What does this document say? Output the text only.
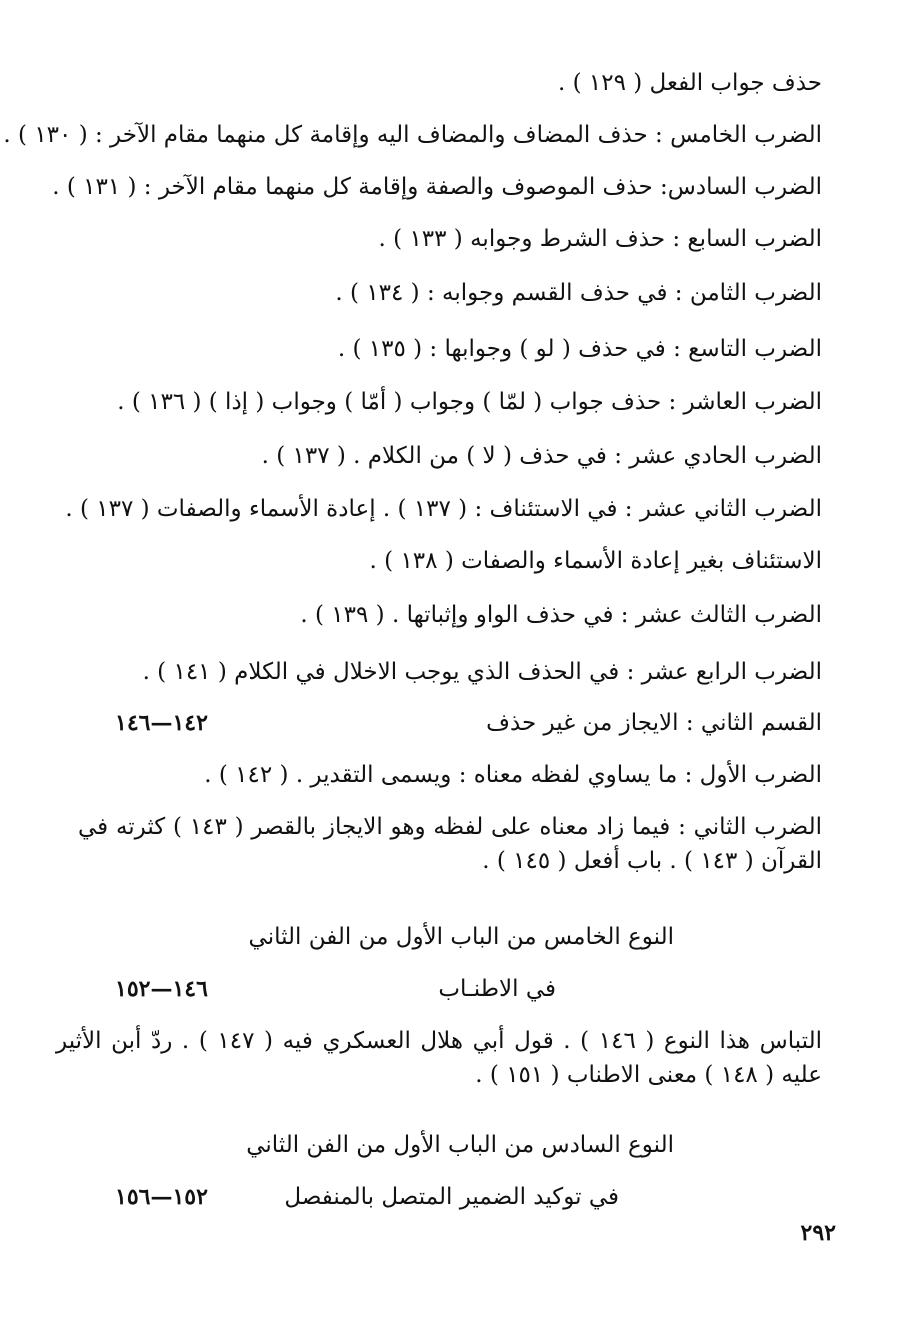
حذف جواب الفعل ( ١٢٩ ) .
الضرب الخامس : حذف المضاف والمضاف اليه وإقامة كل منهما مقام الآخر : ( ١٣٠ ) .
الضرب السادس: حذف الموصوف والصفة وإقامة كل منهما مقام الآخر : ( ١٣١ ) .
الضرب السابع : حذف الشرط وجوابه ( ١٣٣ ) .
الضرب الثامن : في حذف القسم وجوابه : ( ١٣٤ ) .
الضرب التاسع : في حذف ( لو ) وجوابها : ( ١٣٥ ) .
الضرب العاشر : حذف جواب ( لمّا ) وجواب ( أمّا ) وجواب ( إذا ) ( ١٣٦ ) .
الضرب الحادي عشر : في حذف ( لا ) من الكلام . ( ١٣٧ ) .
الضرب الثاني عشر : في الاستئناف : ( ١٣٧ ) . إعادة الأسماء والصفات ( ١٣٧ ) .
الاستئناف بغير إعادة الأسماء والصفات ( ١٣٨ ) .
الضرب الثالث عشر : في حذف الواو وإثباتها . ( ١٣٩ ) .
الضرب الرابع عشر : في الحذف الذي يوجب الاخلال في الكلام ( ١٤١ ) .
القسم الثاني : الايجاز من غير حذف
١٤٢—١٤٦
الضرب الأول : ما يساوي لفظه معناه : ويسمى التقدير . ( ١٤٢ ) .
الضرب الثاني : فيما زاد معناه على لفظه وهو الايجاز بالقصر ( ١٤٣ ) كثرته في القرآن ( ١٤٣ ) . باب أفعل ( ١٤٥ ) .
النوع الخامس من الباب الأول من الفن الثاني
في الاطنـاب
١٤٦—١٥٢
التباس هذا النوع ( ١٤٦ ) . قول أبي هلال العسكري فيه ( ١٤٧ ) . ردّ أبن الأثير عليه ( ١٤٨ ) معنى الاطناب ( ١٥١ ) .
النوع السادس من الباب الأول من الفن الثاني
في توكيد الضمير المتصل بالمنفصل
١٥٢—١٥٦
٢٩٢
